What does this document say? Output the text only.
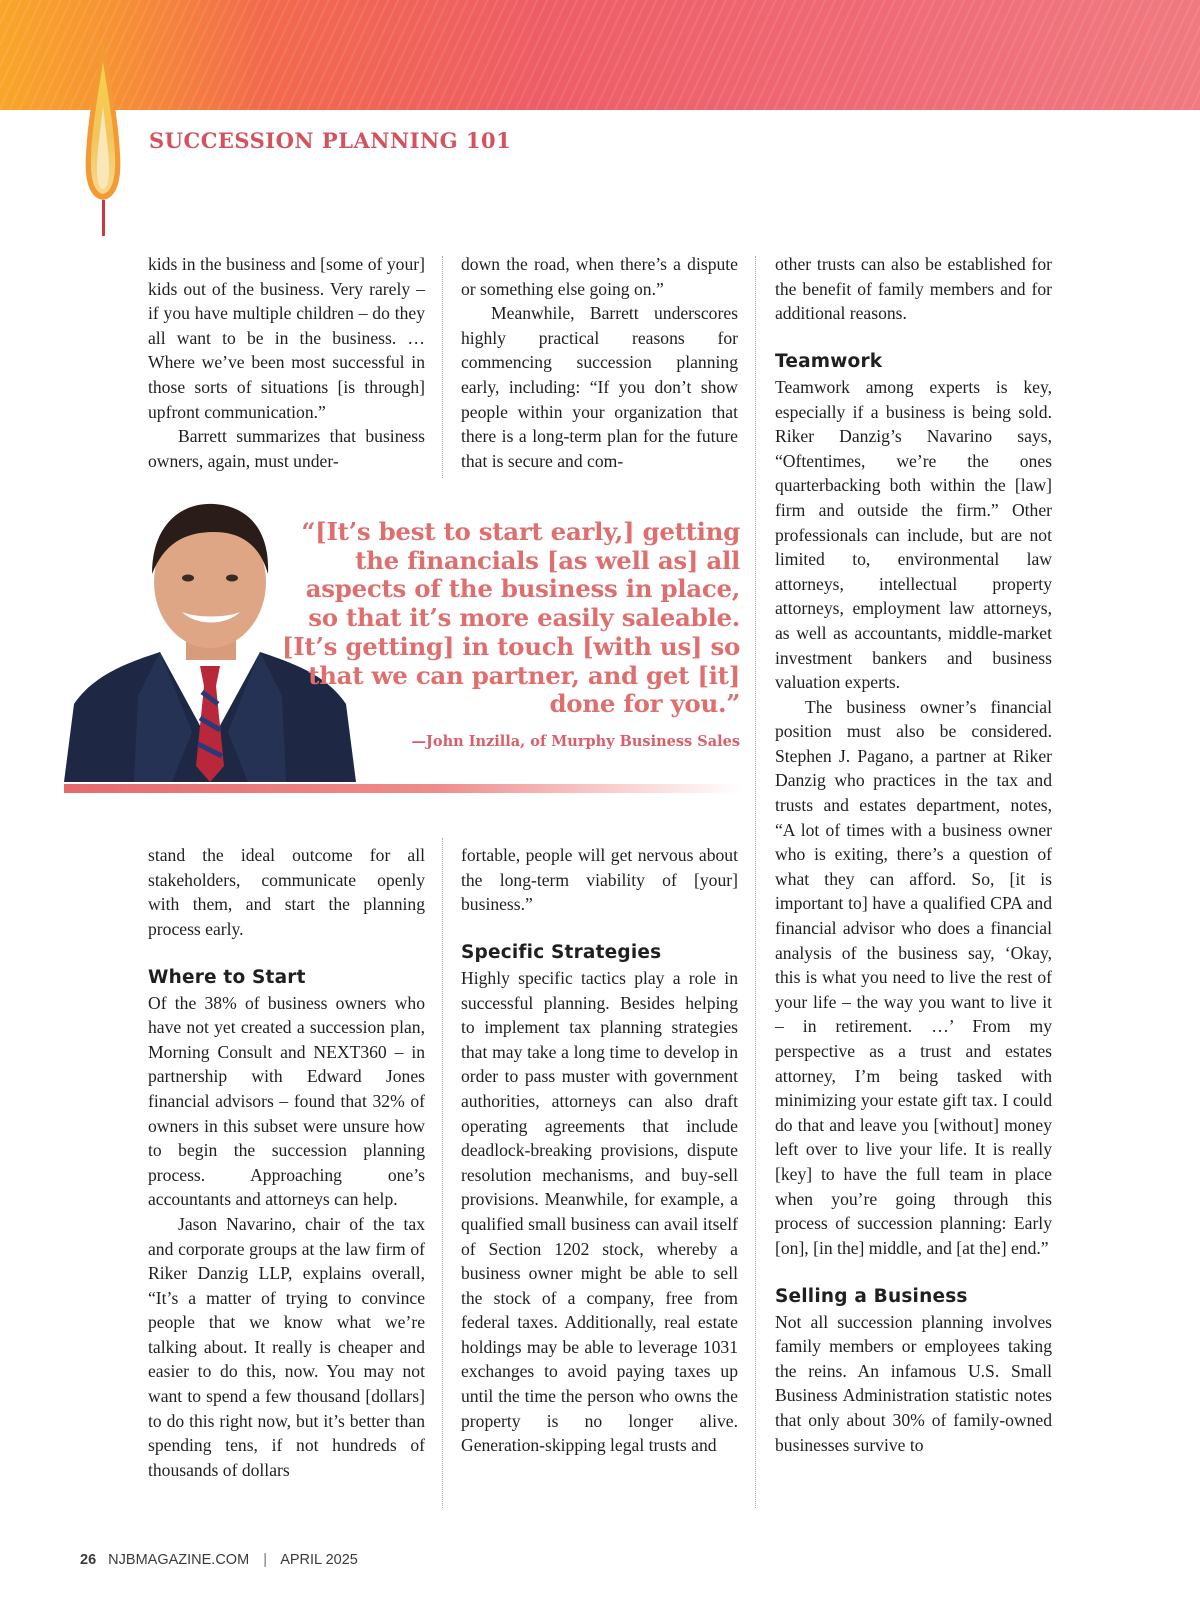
SUCCESSION PLANNING 101

kids in the business and [some of your] kids out of the business. Very rarely – if you have multiple children – do they all want to be in the business. … Where we’ve been most successful in those sorts of situations [is through] upfront communication.”

Barrett summarizes that business owners, again, must under-

down the road, when there’s a dispute or something else going on.”

Meanwhile, Barrett underscores highly practical reasons for commencing succession planning early, including: “If you don’t show people within your organization that there is a long-term plan for the future that is secure and com-

other trusts can also be established for the benefit of family members and for additional reasons.

Teamwork

Teamwork among experts is key, especially if a business is being sold. Riker Danzig’s Navarino says, “Oftentimes, we’re the ones quarterbacking both within the [law] firm and outside the firm.” Other professionals can include, but are not limited to, environmental law attorneys, intellectual property attorneys, employment law attorneys, as well as accountants, middle-market investment bankers and business valuation experts.

The business owner’s financial position must also be considered. Stephen J. Pagano, a partner at Riker Danzig who practices in the tax and trusts and estates department, notes, “A lot of times with a business owner who is exiting, there’s a question of what they can afford. So, [it is important to] have a qualified CPA and financial advisor who does a financial analysis of the business say, ‘Okay, this is what you need to live the rest of your life – the way you want to live it – in retirement. …’ From my perspective as a trust and estates attorney, I’m being tasked with minimizing your estate gift tax. I could do that and leave you [without] money left over to live your life. It is really [key] to have the full team in place when you’re going through this process of succession planning: Early [on], [in the] middle, and [at the] end.”

Selling a Business

Not all succession planning involves family members or employees taking the reins. An infamous U.S. Small Business Administration statistic notes that only about 30% of family-owned businesses survive to

“[It’s best to start early,] getting the financials [as well as] all aspects of the business in place, so that it’s more easily saleable. [It’s getting] in touch [with us] so that we can partner, and get [it] done for you.”

—John Inzilla, of Murphy Business Sales

stand the ideal outcome for all stakeholders, communicate openly with them, and start the planning process early.

Where to Start

Of the 38% of business owners who have not yet created a succession plan, Morning Consult and NEXT360 – in partnership with Edward Jones financial advisors – found that 32% of owners in this subset were unsure how to begin the succession planning process. Approaching one’s accountants and attorneys can help.

Jason Navarino, chair of the tax and corporate groups at the law firm of Riker Danzig LLP, explains overall, “It’s a matter of trying to convince people that we know what we’re talking about. It really is cheaper and easier to do this, now. You may not want to spend a few thousand [dollars] to do this right now, but it’s better than spending tens, if not hundreds of thousands of dollars

fortable, people will get nervous about the long-term viability of [your] business.”

Specific Strategies

Highly specific tactics play a role in successful planning. Besides helping to implement tax planning strategies that may take a long time to develop in order to pass muster with government authorities, attorneys can also draft operating agreements that include deadlock-breaking provisions, dispute resolution mechanisms, and buy-sell provisions. Meanwhile, for example, a qualified small business can avail itself of Section 1202 stock, whereby a business owner might be able to sell the stock of a company, free from federal taxes. Additionally, real estate holdings may be able to leverage 1031 exchanges to avoid paying taxes up until the time the person who owns the property is no longer alive. Generation-skipping legal trusts and

26 NJBMAGAZINE.COM | APRIL 2025
